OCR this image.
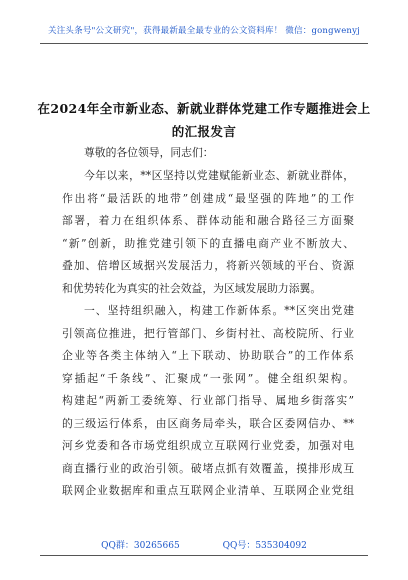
关注头条号"公文研究"，获得最新最全最专业的公文资料库！ 微信：gongwenyj
在2024年全市新业态、新就业群体党建工作专题推进会上
的汇报发言
尊敬的各位领导，同志们：
今年以来，**区坚持以党建赋能新业态、新就业群体，
作出将“最活跃的地带”创建成“最坚强的阵地”的工作
部署，着力在组织体系、群体动能和融合路径三方面聚
“新”创新，助推党建引领下的直播电商产业不断放大、
叠加、倍增区域据兴发展活力，将新兴领域的平台、资源
和优势转化为真实的社会效益，为区域发展助力添翼。
一、坚持组织融入，构建工作新体系。**区突出党建
引领高位推进，把行管部门、乡街村社、高校院所、行业
企业等各类主体纳入“上下联动、协助联合”的工作体系
穿插起“千条线”、汇聚成“一张网”。健全组织架构。
构建起“两新工委统筹、行业部门指导、属地乡街落实”
的三级运行体系，由区商务局牵头，联合区委网信办、**
河乡党委和各市场党组织成立互联网行业党委，加强对电
商直播行业的政治引领。破堵点抓有效覆盖，摸排形成互
联网企业数据库和重点互联网企业清单、互联网企业党组
QQ群：30265665 QQ号：535304092
